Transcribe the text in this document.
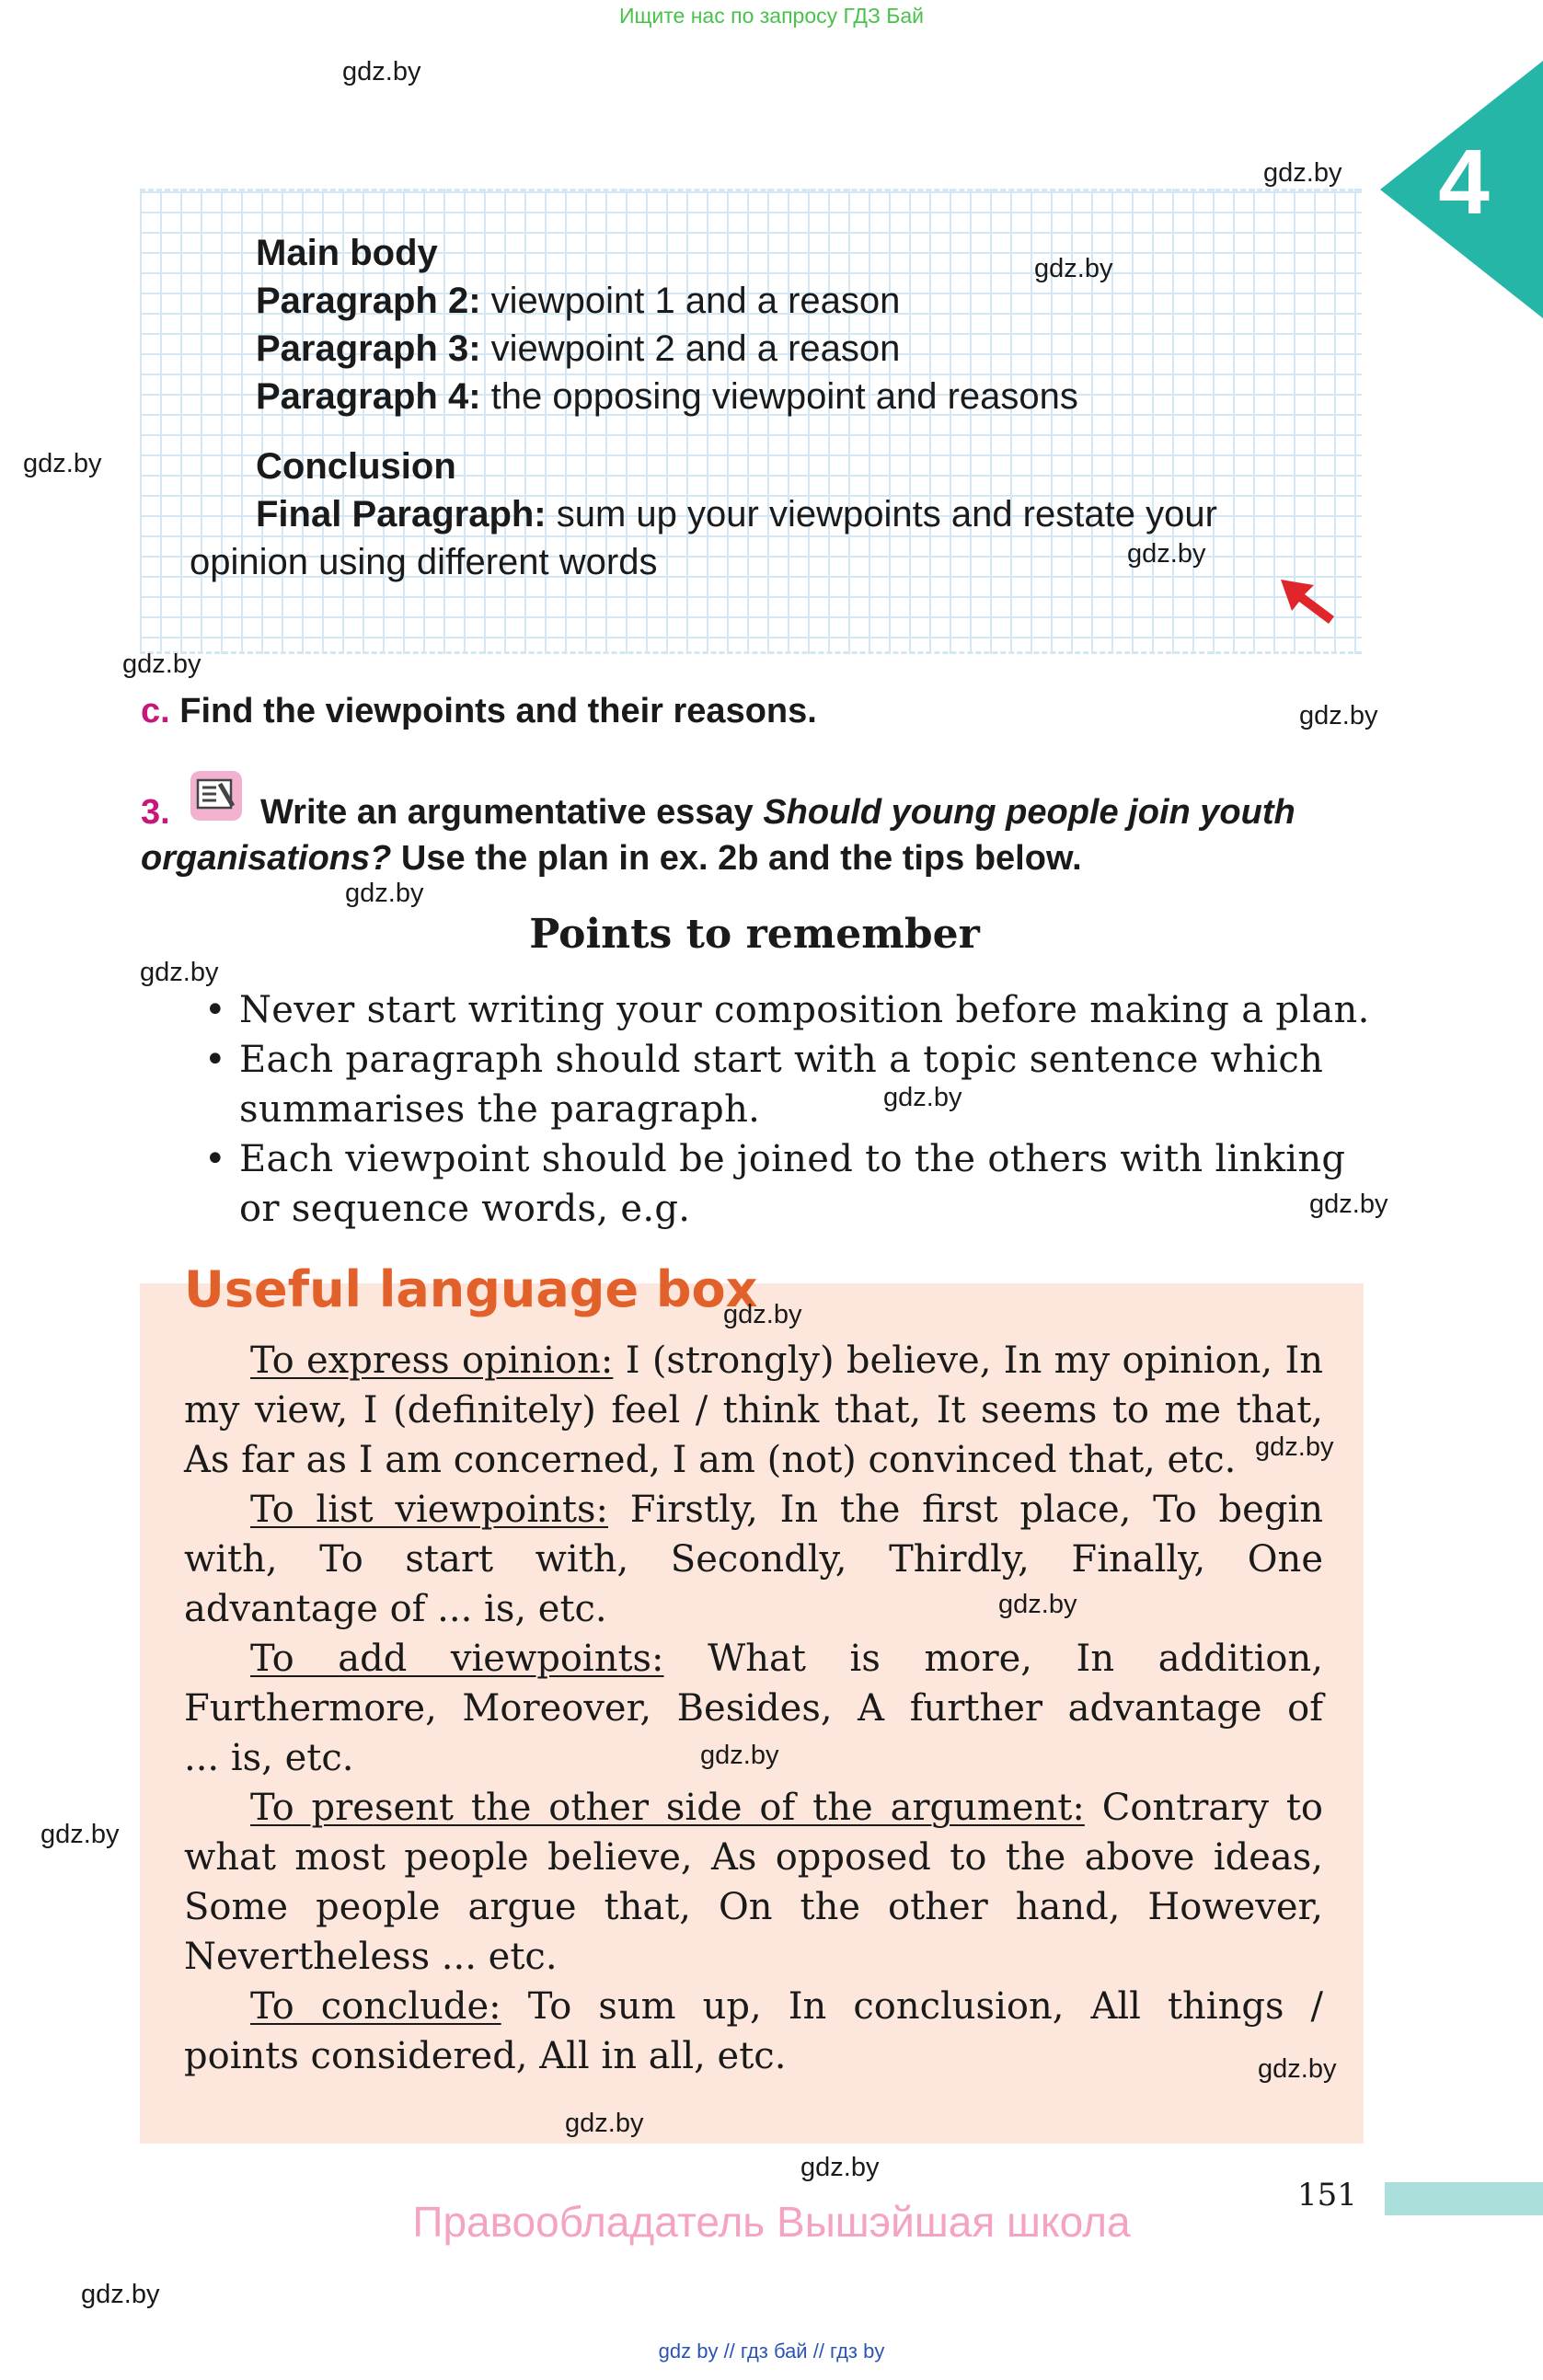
Ищите нас по запросу ГДЗ Бай
4
Main body
Paragraph 2: viewpoint 1 and a reason
Paragraph 3: viewpoint 2 and a reason
Paragraph 4: the opposing viewpoint and reasons
Conclusion
Final Paragraph: sum up your viewpoints and restate your
opinion using different words
c. Find the viewpoints and their reasons.
3.	Write an argumentative essay Should young people join youth
organisations? Use the plan in ex. 2b and the tips below.
Points to remember
• Never start writing your composition before making a plan.
• Each paragraph should start with a topic sentence which
summarises the paragraph.
• Each viewpoint should be joined to the others with linking
or sequence words, e.g.
Useful language box
To express opinion: I (strongly) believe, In my opinion, In
my view, I (definitely) feel / think that, It seems to me that,
As far as I am concerned, I am (not) convinced that, etc.
To list viewpoints: Firstly, In the first place, To begin
with, To start with, Secondly, Thirdly, Finally, One
advantage of ... is, etc.
To add viewpoints: What is more, In addition,
Furthermore, Moreover, Besides, A further advantage of
... is, etc.
To present the other side of the argument: Contrary to
what most people believe, As opposed to the above ideas,
Some people argue that, On the other hand, However,
Nevertheless ... etc.
To conclude: To sum up, In conclusion, All things /
points considered, All in all, etc.
gdz.by
gdz.by
gdz.by
gdz.by
gdz.by
gdz.by
gdz.by
gdz.by
gdz.by
gdz.by
gdz.by
gdz.by
gdz.by
gdz.by
gdz.by
gdz.by
gdz.by
gdz.by
gdz.by
gdz.by
151
Правообладатель Вышэйшая школа
gdz by // гдз бай // гдз by
